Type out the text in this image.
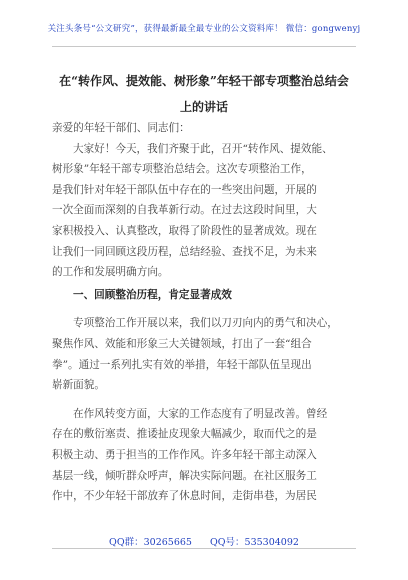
关注头条号“公文研究”，获得最新最全最专业的公文资料库！ 微信：gongwenyj
在“转作风、提效能、树形象”年轻干部专项整治总结会
上的讲话
亲爱的年轻干部们、同志们：
大家好！今天，我们齐聚于此，召开“转作风、提效能、
树形象”年轻干部专项整治总结会。这次专项整治工作，
是我们针对年轻干部队伍中存在的一些突出问题，开展的
一次全面而深刻的自我革新行动。在过去这段时间里，大
家积极投入、认真整改，取得了阶段性的显著成效。现在
让我们一同回顾这段历程，总结经验、查找不足，为未来
的工作和发展明确方向。
一、回顾整治历程，肯定显著成效
专项整治工作开展以来，我们以刀刃向内的勇气和决心，
聚焦作风、效能和形象三大关键领域，打出了一套“组合
拳”。通过一系列扎实有效的举措，年轻干部队伍呈现出
崭新面貌。
在作风转变方面，大家的工作态度有了明显改善。曾经
存在的敷衍塞责、推诿扯皮现象大幅减少，取而代之的是
积极主动、勇于担当的工作作风。许多年轻干部主动深入
基层一线，倾听群众呼声，解决实际问题。在社区服务工
作中，不少年轻干部放弃了休息时间，走街串巷，为居民
QQ群：30265665 QQ号：535304092
